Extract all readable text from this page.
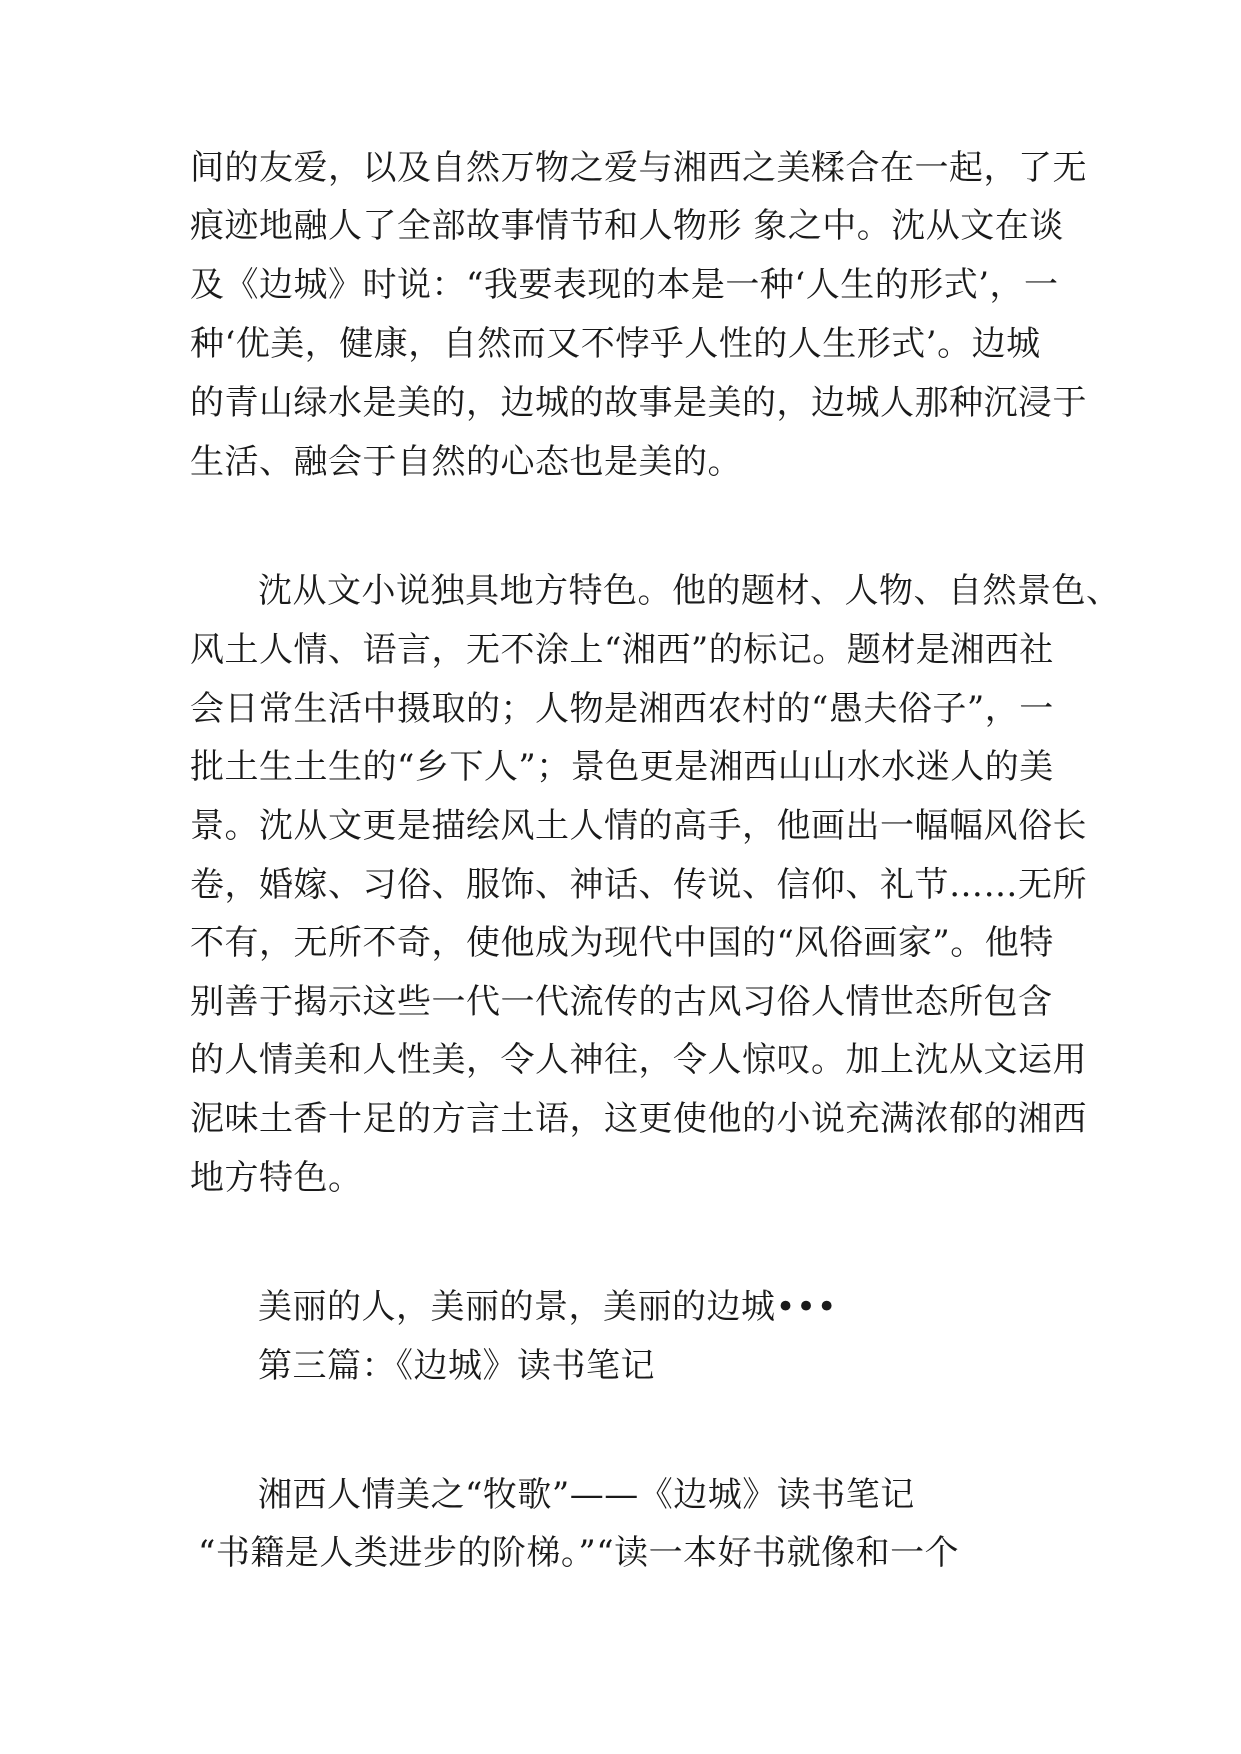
间的友爱，以及自然万物之爱与湘西之美糅合在一起，了无
痕迹地融人了全部故事情节和人物形 象之中。沈从文在谈
及《边城》时说：“我要表现的本是一种‘人生的形式’，一
种‘优美，健康，自然而又不悖乎人性的人生形式’。边城
的青山绿水是美的，边城的故事是美的，边城人那种沉浸于
生活、融会于自然的心态也是美的。
沈从文小说独具地方特色。他的题材、人物、自然景色、
风土人情、语言，无不涂上“湘西”的标记。题材是湘西社
会日常生活中摄取的；人物是湘西农村的“愚夫俗子”，一
批土生土生的“乡下人”；景色更是湘西山山水水迷人的美
景。沈从文更是描绘风土人情的高手，他画出一幅幅风俗长
卷，婚嫁、习俗、服饰、神话、传说、信仰、礼节……无所
不有，无所不奇，使他成为现代中国的“风俗画家”。他特
别善于揭示这些一代一代流传的古风习俗人情世态所包含
的人情美和人性美，令人神往，令人惊叹。加上沈从文运用
泥味土香十足的方言土语，这更使他的小说充满浓郁的湘西
地方特色。
美丽的人，美丽的景，美丽的边城•••
第三篇：《边城》读书笔记
湘西人情美之“牧歌”——《边城》读书笔记
“书籍是人类进步的阶梯。”“读一本好书就像和一个
